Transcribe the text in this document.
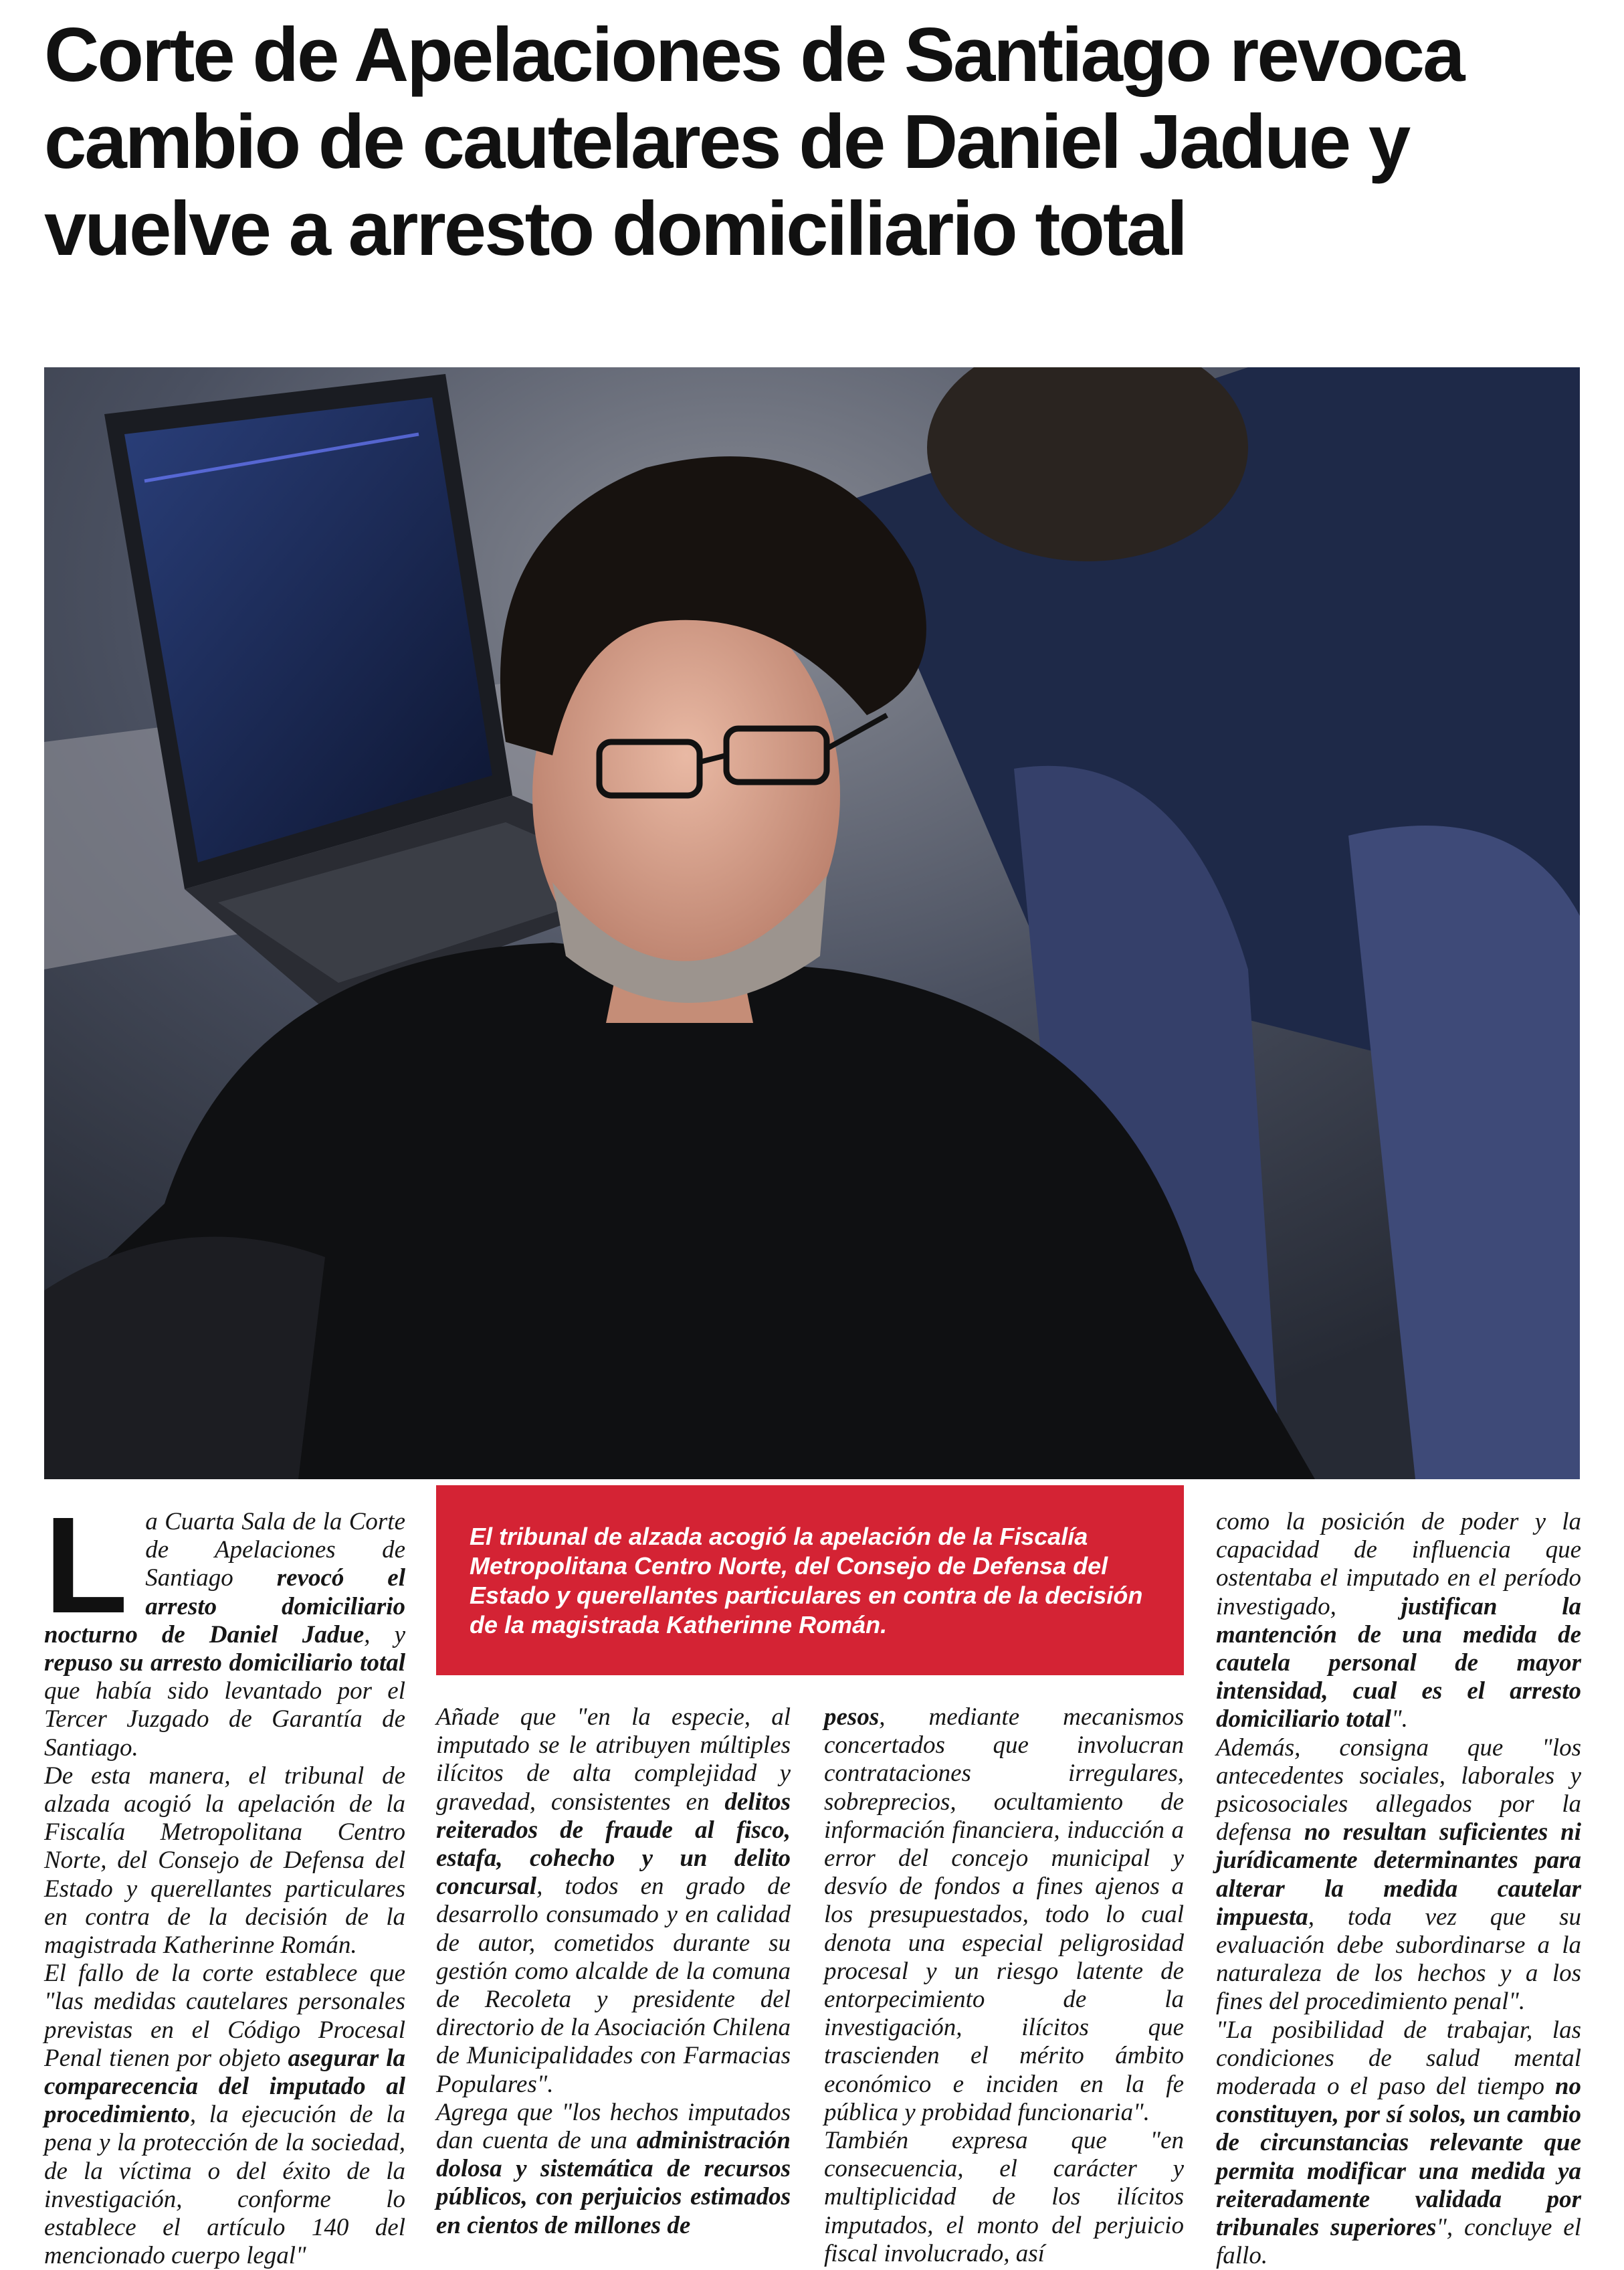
Corte de Apelaciones de Santiago revoca cambio de cautelares de Daniel Jadue y vuelve a arresto domiciliario total
El tribunal de alzada acogió la apelación de la Fiscalía Metropolitana Centro Norte, del Consejo de Defensa del Estado y querellantes particulares en contra de la decisión de la magistrada Katherinne Román.
L a Cuarta Sala de la Corte de Apelaciones de Santiago revocó el arresto domiciliario nocturno de Daniel Jadue, y repuso su arresto domiciliario total que había sido levantado por el Tercer Juzgado de Garantía de Santiago.

De esta manera, el tribunal de alzada acogió la apelación de la Fiscalía Metropolitana Centro Norte, del Consejo de Defensa del Estado y querellantes particulares en contra de la decisión de la magistrada Katherinne Román.

El fallo de la corte establece que "las medidas cautelares personales previstas en el Código Procesal Penal tienen por objeto asegurar la comparecencia del imputado al procedimiento, la ejecución de la pena y la protección de la sociedad, de la víctima o del éxito de la investigación, conforme lo establece el artículo 140 del mencionado cuerpo legal"

Añade que "en la especie, al imputado se le atribuyen múltiples ilícitos de alta complejidad y gravedad, consistentes en delitos reiterados de fraude al fisco, estafa, cohecho y un delito concursal, todos en grado de desarrollo consumado y en calidad de autor, cometidos durante su gestión como alcalde de la comuna de Recoleta y presidente del directorio de la Asociación Chilena de Municipalidades con Farmacias Populares".

Agrega que "los hechos imputados dan cuenta de una administración dolosa y sistemática de recursos públicos, con perjuicios estimados en cientos de millones de

pesos, mediante mecanismos concertados que involucran contrataciones irregulares, sobreprecios, ocultamiento de información financiera, inducción a error del concejo municipal y desvío de fondos a fines ajenos a los presupuestados, todo lo cual denota una especial peligrosidad procesal y un riesgo latente de entorpecimiento de la investigación, ilícitos que trascienden el mérito ámbito económico e inciden en la fe pública y probidad funcionaria".

También expresa que "en consecuencia, el carácter y multiplicidad de los ilícitos imputados, el monto del perjuicio fiscal involucrado, así

como la posición de poder y la capacidad de influencia que ostentaba el imputado en el período investigado, justifican la mantención de una medida de cautela personal de mayor intensidad, cual es el arresto domiciliario total".

Además, consigna que "los antecedentes sociales, laborales y psicosociales allegados por la defensa no resultan suficientes ni jurídicamente determinantes para alterar la medida cautelar impuesta, toda vez que su evaluación debe subordinarse a la naturaleza de los hechos y a los fines del procedimiento penal".

"La posibilidad de trabajar, las condiciones de salud mental moderada o el paso del tiempo no constituyen, por sí solos, un cambio de circunstancias relevante que permita modificar una medida ya reiteradamente validada por tribunales superiores", concluye el fallo.
